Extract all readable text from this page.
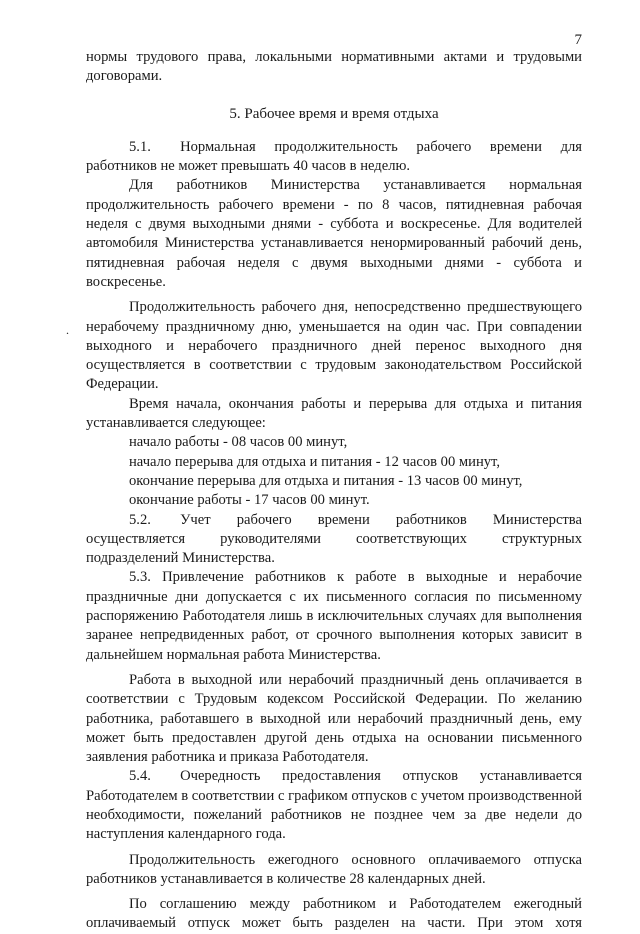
7
.

нормы трудового права, локальными нормативными актами и трудовыми договорами.

5. Рабочее время и время отдыха

5.1.  Нормальная продолжительность рабочего времени для работников не может превышать 40 часов в неделю.

Для работников Министерства устанавливается нормальная продолжительность рабочего времени - по 8 часов, пятидневная рабочая неделя с двумя выходными днями - суббота и воскресенье. Для водителей автомобиля Министерства устанавливается ненормированный рабочий день, пятидневная рабочая неделя с двумя выходными днями - суббота и воскресенье.

Продолжительность рабочего дня, непосредственно предшествующего нерабочему праздничному дню, уменьшается на один час. При совпадении выходного и нерабочего праздничного дней перенос выходного дня осуществляется в соответствии с трудовым законодательством Российской Федерации.

Время начала, окончания работы и перерыва для отдыха и питания устанавливается следующее:

начало работы - 08 часов 00 минут,

начало перерыва для отдыха и питания - 12 часов 00 минут,

окончание перерыва для отдыха и питания - 13 часов 00 минут,

окончание работы - 17 часов 00 минут.

5.2.  Учет рабочего времени работников Министерства осуществляется руководителями соответствующих структурных подразделений Министерства.

5.3. Привлечение работников к работе в выходные и нерабочие праздничные дни допускается с их письменного согласия по письменному распоряжению Работодателя лишь в исключительных случаях для выполнения заранее непредвиденных работ, от срочного выполнения которых зависит в дальнейшем нормальная работа Министерства.

Работа в выходной или нерабочий праздничный день оплачивается в соответствии с Трудовым кодексом Российской Федерации. По желанию работника, работавшего в выходной или нерабочий праздничный день, ему может быть предоставлен другой день отдыха на основании письменного заявления работника и приказа Работодателя.

5.4.  Очередность предоставления отпусков устанавливается Работодателем в соответствии с графиком отпусков с учетом производственной необходимости, пожеланий работников не позднее чем за две недели до наступления календарного года.

Продолжительность ежегодного основного оплачиваемого отпуска работников устанавливается в количестве 28 календарных дней.

По соглашению между работником и Работодателем ежегодный оплачиваемый отпуск может быть разделен на части. При этом хотя
